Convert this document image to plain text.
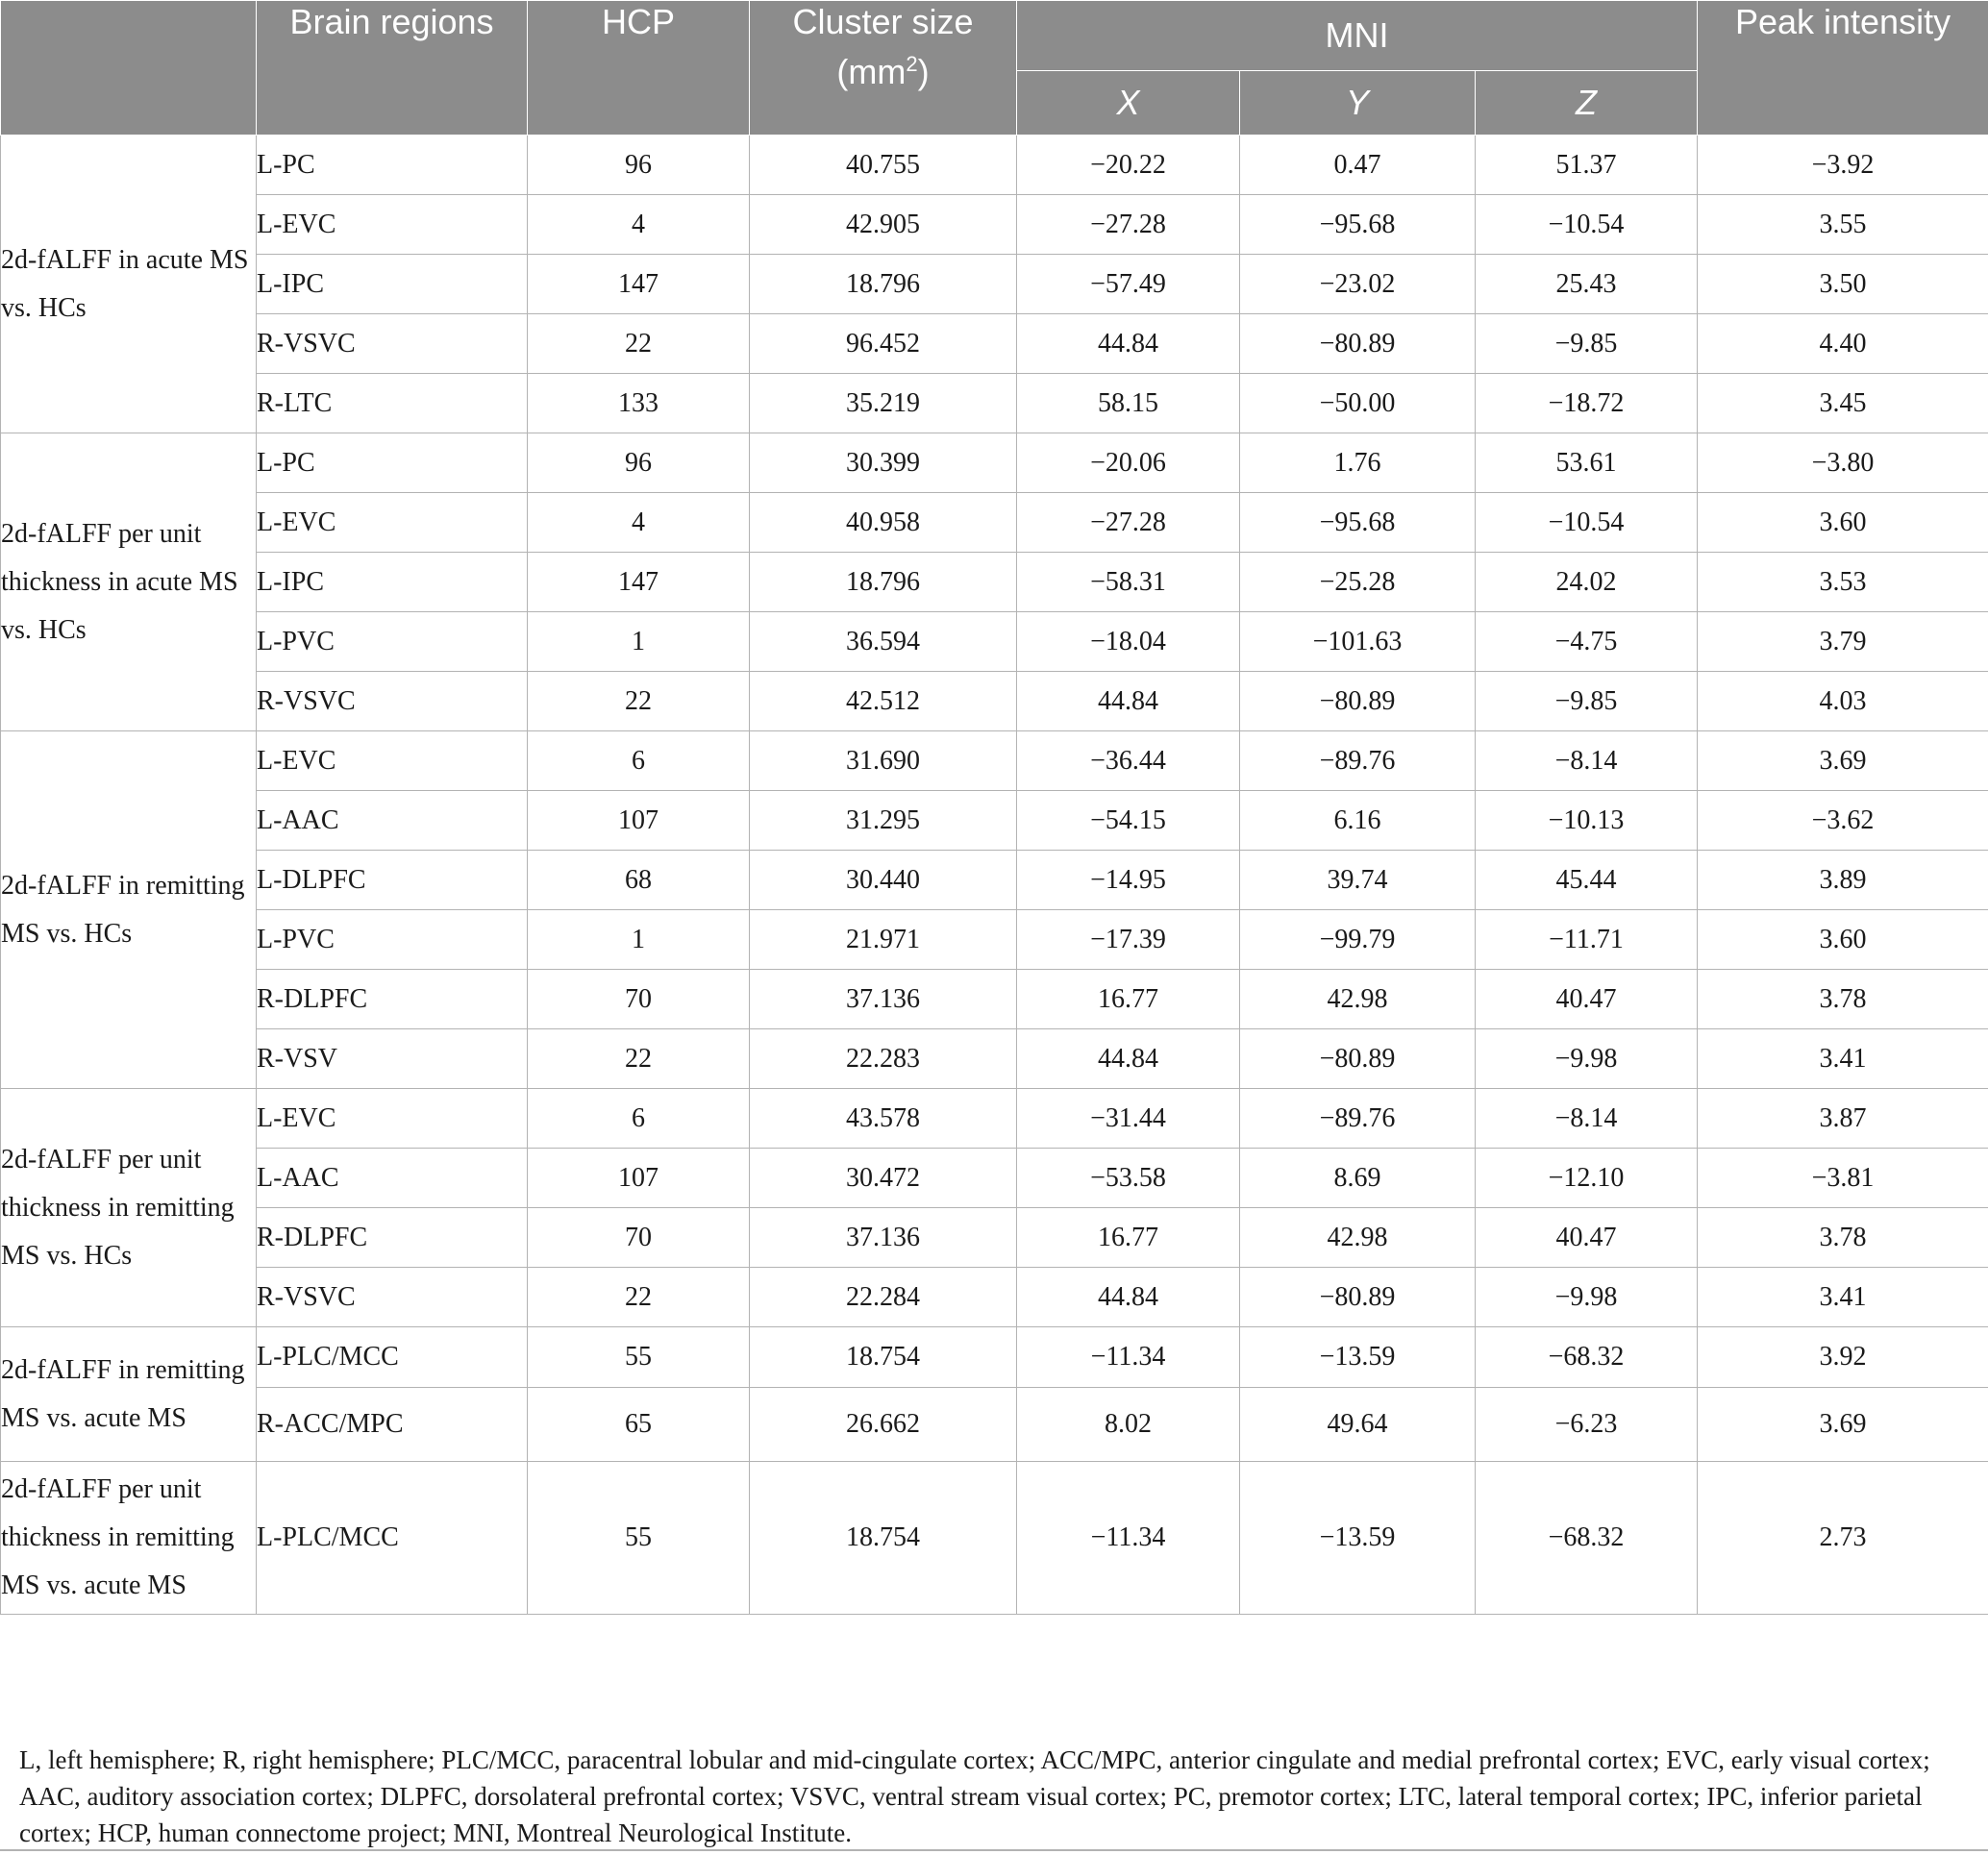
	Brain regions	HCP	Cluster size
$(mm^2)$	MNI			Peak intensity
				X	Y	Z	
2d-fALFF in acute MS vs. HCs	L-PC	96	40.755	−20.22	0.47	51.37	−3.92
	L-EVC	4	42.905	−27.28	−95.68	−10.54	3.55
	L-IPC	147	18.796	−57.49	−23.02	25.43	3.50
	R-VSVC	22	96.452	44.84	−80.89	−9.85	4.40
	R-LTC	133	35.219	58.15	−50.00	−18.72	3.45
2d-fALFF per unit thickness in acute MS vs. HCs	L-PC	96	30.399	−20.06	1.76	53.61	−3.80
	L-EVC	4	40.958	−27.28	−95.68	−10.54	3.60
	L-IPC	147	18.796	−58.31	−25.28	24.02	3.53
	L-PVC	1	36.594	−18.04	−101.63	−4.75	3.79
	R-VSVC	22	42.512	44.84	−80.89	−9.85	4.03
2d-fALFF in remitting MS vs. HCs	L-EVC	6	31.690	−36.44	−89.76	−8.14	3.69
	L-AAC	107	31.295	−54.15	6.16	−10.13	−3.62
	L-DLPFC	68	30.440	−14.95	39.74	45.44	3.89
	L-PVC	1	21.971	−17.39	−99.79	−11.71	3.60
	R-DLPFC	70	37.136	16.77	42.98	40.47	3.78
	R-VSV	22	22.283	44.84	−80.89	−9.98	3.41
2d-fALFF per unit thickness in remitting MS vs. HCs	L-EVC	6	43.578	−31.44	−89.76	−8.14	3.87
	L-AAC	107	30.472	−53.58	8.69	−12.10	−3.81
	R-DLPFC	70	37.136	16.77	42.98	40.47	3.78
	R-VSVC	22	22.284	44.84	−80.89	−9.98	3.41
2d-fALFF in remitting MS vs. acute MS	L-PLC/MCC	55	18.754	−11.34	−13.59	−68.32	3.92
	R-ACC/MPC	65	26.662	8.02	49.64	−6.23	3.69
2d-fALFF per unit thickness in remitting MS vs. acute MS	L-PLC/MCC	55	18.754	−11.34	−13.59	−68.32	2.73
L, left hemisphere; R, right hemisphere; PLC/MCC, paracentral lobular and mid-cingulate cortex; ACC/MPC, anterior cingulate and medial prefrontal cortex; EVC, early visual cortex; AAC, auditory association cortex; DLPFC, dorsolateral prefrontal cortex; VSVC, ventral stream visual cortex; PC, premotor cortex; LTC, lateral temporal cortex; IPC, inferior parietal cortex; HCP, human connectome project; MNI, Montreal Neurological Institute.
